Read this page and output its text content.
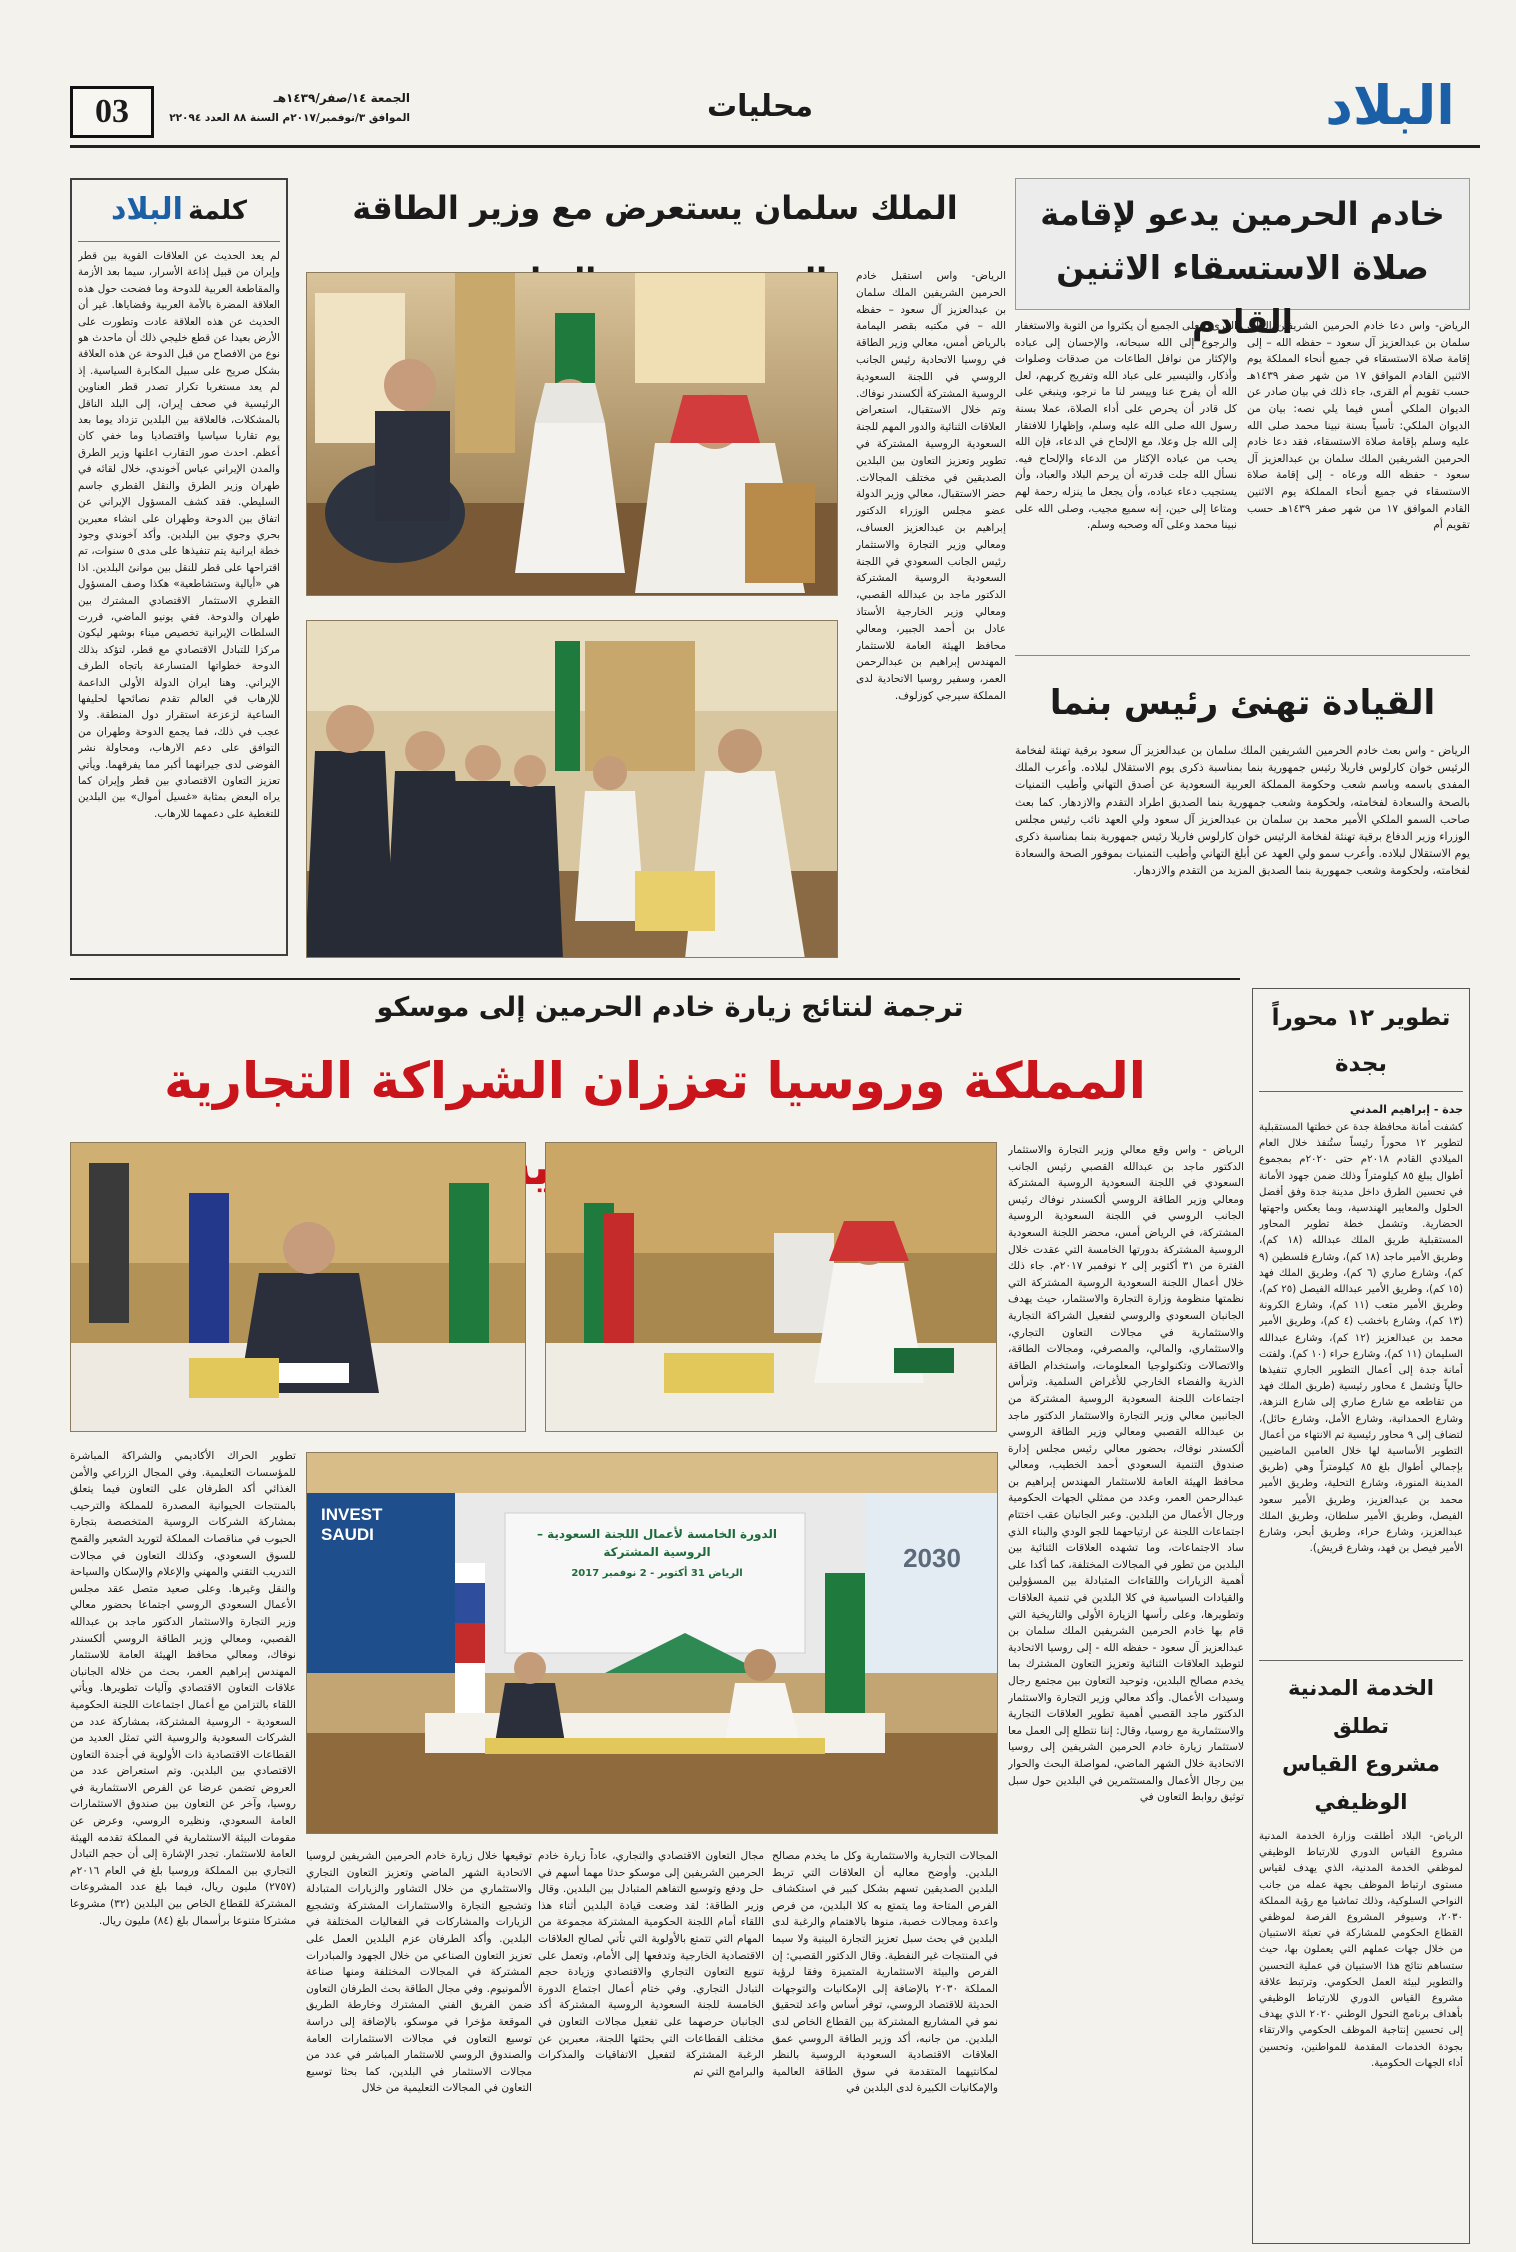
03	الجمعة ١٤/صفر/١٤٣٩هـ
الموافق ٣/نوفمبر/٢٠١٧م السنة ٨٨ العدد ٢٢٠٩٤	محليات	البلاد
خادم الحرمين يدعو لإقامة
صلاة الاستسقاء الاثنين القادم
الرياض- واس دعا خادم الحرمين الشريفين الملك سلمان بن عبدالعزيز آل سعود – حفظه الله – إلى إقامة صلاة الاستسقاء في جميع أنحاء المملكة يوم الاثنين القادم الموافق ١٧ من شهر صفر ١٤٣٩هـ حسب تقويم أم القرى، جاء ذلك في بيان صادر عن الديوان الملكي أمس فيما يلي نصه: بيان من الديوان الملكي: تأسياً بسنة نبينا محمد صلى الله عليه وسلم بإقامة صلاة الاستسقاء، فقد دعا خادم الحرمين الشريفين الملك سلمان بن عبدالعزيز آل سعود - حفظه الله ورعاه - إلى إقامة صلاة الاستسقاء في جميع أنحاء المملكة يوم الاثنين القادم الموافق ١٧ من شهر صفر ١٤٣٩هـ حسب تقويم أم
القرى، فعلى الجميع أن يكثروا من التوبة والاستغفار والرجوع إلى الله سبحانه، والإحسان إلى عباده والإكثار من نوافل الطاعات من صدقات وصلوات وأذكار، والتيسير على عباد الله وتفريج كربهم، لعل الله أن يفرج عنا وييسر لنا ما نرجو، وينبغي على كل قادر أن يحرص على أداء الصلاة، عملا بسنة رسول الله صلى الله عليه وسلم، وإظهارا للافتقار إلى الله جل وعلا، مع الإلحاح في الدعاء، فإن الله يحب من عباده الإكثار من الدعاء والإلحاح فيه. نسأل الله جلت قدرته أن يرحم البلاد والعباد، وأن يستجيب دعاء عباده، وأن يجعل ما ينزله رحمة لهم ومتاعا إلى حين، إنه سميع مجيب، وصلى الله على نبينا محمد وعلى آله وصحبه وسلم.
القيادة تهنئ رئيس بنما
الرياض - واس بعث خادم الحرمين الشريفين الملك سلمان بن عبدالعزيز آل سعود برقية تهنئة لفخامة الرئيس خوان كارلوس فاريلا رئيس جمهورية بنما بمناسبة ذكرى يوم الاستقلال لبلاده. وأعرب الملك المفدى باسمه وباسم شعب وحكومة المملكة العربية السعودية عن أصدق التهاني وأطيب التمنيات بالصحة والسعادة لفخامته، ولحكومة وشعب جمهورية بنما الصديق اطراد التقدم والازدهار. كما بعث صاحب السمو الملكي الأمير محمد بن سلمان بن عبدالعزيز آل سعود ولي العهد نائب رئيس مجلس الوزراء وزير الدفاع برقية تهنئة لفخامة الرئيس خوان كارلوس فاريلا رئيس جمهورية بنما بمناسبة ذكرى يوم الاستقلال لبلاده. وأعرب سمو ولي العهد عن أبلغ التهاني وأطيب التمنيات بموفور الصحة والسعادة لفخامته، ولحكومة وشعب جمهورية بنما الصديق المزيد من التقدم والازدهار.
الملك سلمان يستعرض مع وزير الطاقة
الرياض- واس استقبل خادم الحرمين الشريفين الملك سلمان بن عبدالعزيز آل سعود – حفظه الله – في مكتبه بقصر اليمامة بالرياض أمس، معالي وزير الطاقة في روسيا الاتحادية رئيس الجانب الروسي في اللجنة السعودية الروسية المشتركة ألكسندر نوفاك. وتم خلال الاستقبال، استعراض العلاقات الثنائية والدور المهم للجنة السعودية الروسية المشتركة في تطوير وتعزيز التعاون بين البلدين الصديقين في مختلف المجالات. حضر الاستقبال، معالي وزير الدولة عضو مجلس الوزراء الدكتور إبراهيم بن عبدالعزيز العساف، ومعالي وزير التجارة والاستثمار رئيس الجانب السعودي في اللجنة السعودية الروسية المشتركة الدكتور ماجد بن عبدالله القصبي، ومعالي وزير الخارجية الأستاذ عادل بن أحمد الجبير، ومعالي محافظ الهيئة العامة للاستثمار المهندس إبراهيم بن عبدالرحمن العمر، وسفير روسيا الاتحادية لدى المملكة سيرجي كوزلوف.
كلمة البلاد
لم يعد الحديث عن العلاقات القوية بين قطر وإيران من قبيل إذاعة الأسرار، سيما بعد الأزمة والمقاطعة العربية للدوحة وما فضحت حول هذه العلاقة المضرة بالأمة العربية وقضاياها. غير أن الحديث عن هذه العلاقة عادت وتطورت على الأرض بعيدا عن قطع خليجي ذلك أن ماحدث هو نوع من الافصاح من قبل الدوحة عن هذه العلاقة بشكل صريح على سبيل المكابرة السياسية. إذ لم يعد مستغربا تكرار تصدر قطر العناوين الرئيسية في صحف إيران، إلى البلد الناقل بالمشكلات، فالعلاقة بين البلدين تزداد يوما بعد يوم تقاربا سياسيا واقتصاديا وما خفي كان أعظم. احدث صور التقارب اعلنها وزير الطرق والمدن الإيراني عباس آخوندي، خلال لقائه في طهران وزير الطرق والنقل القطري جاسم السليطي. فقد كشف المسؤول الإيراني عن اتفاق بين الدوحة وطهران على انشاء معبرين بحري وجوي بين البلدين. وأكد آخوندي وجود خطة ايرانية يتم تنفيذها على مدى ٥ سنوات، تم اقتراحها على قطر للنقل بين موانئ البلدين. اذا هي «أيالية وستشاطعية» هكذا وصف المسؤول القطري الاستثمار الاقتصادي المشترك بين طهران والدوحة. ففي يونيو الماضي، قررت السلطات الإيرانية تخصيص ميناء بوشهر ليكون مركزا للتبادل الاقتصادي مع قطر، لتؤكد بذلك الدوحة خطواتها المتسارعة باتجاه الطرف الإيراني. وهنا ايران الدولة الأولى الداعمة للإرهاب في العالم تقدم نصائحها لحليفها الساعية لزعزعة استقرار دول المنطقة. ولا عجب في ذلك، فما يجمع الدوحة وطهران من التوافق على دعم الارهاب، ومحاولة نشر الفوضى لدى جيرانهما أكبر مما يفرقهما. ويأتي تعزيز التعاون الاقتصادي بين قطر وإيران كما يراه البعض بمثابة «غسيل أموال» بين البلدين للتغطية على دعمهما للارهاب.
ترجمة لنتائج زيارة خادم الحرمين إلى موسكو
المملكة وروسيا تعززان الشراكة التجارية
الرياض - واس وقع معالي وزير التجارة والاستثمار الدكتور ماجد بن عبدالله القصبي رئيس الجانب السعودي في اللجنة السعودية الروسية المشتركة ومعالي وزير الطاقة الروسي ألكسندر نوفاك رئيس الجانب الروسي في اللجنة السعودية الروسية المشتركة، في الرياض أمس، محضر اللجنة السعودية الروسية المشتركة بدورتها الخامسة التي عقدت خلال الفترة من ٣١ أكتوبر إلى ٢ نوفمبر ٢٠١٧م. جاء ذلك خلال أعمال اللجنة السعودية الروسية المشتركة التي نظمتها منظومة وزارة التجارة والاستثمار، حيث يهدف الجانبان السعودي والروسي لتفعيل الشراكة التجارية والاستثمارية في مجالات التعاون التجاري، والاستثماري، والمالي، والمصرفي، ومجالات الطاقة، والاتصالات وتكنولوجيا المعلومات، واستخدام الطاقة الذرية والفضاء الخارجي للأغراض السلمية. وترأس اجتماعات اللجنة السعودية الروسية المشتركة من الجانبين معالي وزير التجارة والاستثمار الدكتور ماجد بن عبدالله القصبي ومعالي وزير الطاقة الروسي ألكسندر نوفاك، بحضور معالي رئيس مجلس إدارة صندوق التنمية السعودي أحمد الخطيب، ومعالي محافظ الهيئة العامة للاستثمار المهندس إبراهيم بن عبدالرحمن العمر، وعدد من ممثلي الجهات الحكومية ورجال الأعمال من البلدين. وعبر الجانبان عقب اختتام اجتماعات اللجنة عن ارتياحهما للجو الودي والبناء الذي ساد الاجتماعات، وما تشهده العلاقات الثنائية بين البلدين من تطور في المجالات المختلفة، كما أكدا على أهمية الزيارات واللقاءات المتبادلة بين المسؤولين والقيادات السياسية في كلا البلدين في تنمية العلاقات وتطويرها، وعلى رأسها الزيارة الأولى والتاريخية التي قام بها خادم الحرمين الشريفين الملك سلمان بن عبدالعزيز آل سعود - حفظه الله - إلى روسيا الاتحادية لتوطيد العلاقات الثنائية وتعزيز التعاون المشترك بما يخدم مصالح البلدين، وتوحيد التعاون بين مجتمع رجال وسيدات الأعمال. وأكد معالي وزير التجارة والاستثمار الدكتور ماجد القصبي أهمية تطوير العلاقات التجارية والاستثمارية مع روسيا، وقال: إننا نتطلع إلى العمل معا لاستثمار زيارة خادم الحرمين الشريفين إلى روسيا الاتحادية خلال الشهر الماضي، لمواصلة البحث والحوار بين رجال الأعمال والمستثمرين في البلدين حول سبل توثيق روابط التعاون في
INVEST
SAUDI	الدورة الخامسة لأعمال اللجنة السعودية – الروسية المشتركة
الرياض 31 أكتوبر - 2 نوفمبر 2017
2030
المجالات التجارية والاستثمارية وكل ما يخدم مصالح البلدين. وأوضح معاليه أن العلاقات التي تربط البلدين الصديقين تسهم بشكل كبير في استكشاف الفرص المتاحة وما يتمتع به كلا البلدين، من فرص واعدة ومجالات خصبة، منوها بالاهتمام والرغبة لدى البلدين في بحث سبل تعزيز التجارة البينية ولا سيما في المنتجات غير النفطية. وقال الدكتور القصبي: إن الفرص والبيئة الاستثمارية المتميزة وفقا لرؤية المملكة ٢٠٣٠ بالإضافة إلى الإمكانيات والتوجهات الحديثة للاقتصاد الروسي، توفر أساس واعد لتحقيق نمو في المشاريع المشتركة بين القطاع الخاص لدى البلدين. من جانبه، أكد وزير الطاقة الروسي عمق العلاقات الاقتصادية السعودية الروسية بالنظر لمكانتيهما المتقدمة في سوق الطاقة العالمية والإمكانيات الكبيرة لدى البلدين في
مجال التعاون الاقتصادي والتجاري، عاداً زيارة خادم الحرمين الشريفين إلى موسكو حدثا مهما أسهم في حل ودفع وتوسيع التفاهم المتبادل بين البلدين. وقال وزير الطاقة: لقد وضعت قيادة البلدين أثناء هذا اللقاء أمام اللجنة الحكومية المشتركة مجموعة من المهام التي تتمتع بالأولوية التي تأتي لصالح العلاقات الاقتصادية الخارجية وتدفعها إلى الأمام، وتعمل على تنويع التعاون التجاري والاقتصادي وزيادة حجم التبادل التجاري. وفي ختام أعمال اجتماع الدورة الخامسة للجنة السعودية الروسية المشتركة أكد الجانبان حرصهما على تفعيل مجالات التعاون في مختلف القطاعات التي بحثتها اللجنة، معبرين عن الرغبة المشتركة لتفعيل الاتفاقيات والمذكرات والبرامج التي تم
توقيعها خلال زيارة خادم الحرمين الشريفين لروسيا الاتحادية الشهر الماضي وتعزيز التعاون التجاري والاستثماري من خلال التشاور والزيارات المتبادلة وتشجيع التجارة والاستثمارات المشتركة وتشجيع الزيارات والمشاركات في الفعاليات المختلفة في البلدين. وأكد الطرفان عزم البلدين العمل على تعزيز التعاون الصناعي من خلال الجهود والمبادرات المشتركة في المجالات المختلفة ومنها صناعة الألمونيوم. وفي مجال الطاقة بحث الطرفان التعاون ضمن الفريق الفني المشترك وخارطة الطريق الموقعة مؤخرا في موسكو، بالإضافة إلى دراسة توسيع التعاون في مجالات الاستثمارات العامة والصندوق الروسي للاستثمار المباشر في عدد من مجالات الاستثمار في البلدين، كما بحثا توسيع التعاون في المجالات التعليمية من خلال
تطوير الحراك الأكاديمي والشراكة المباشرة للمؤسسات التعليمية. وفي المجال الزراعي والأمن الغذائي أكد الطرفان على التعاون فيما يتعلق بالمنتجات الحيوانية المصدرة للمملكة والترحيب بمشاركة الشركات الروسية المتخصصة بتجارة الحبوب في مناقصات المملكة لتوريد الشعير والقمح للسوق السعودي، وكذلك التعاون في مجالات التدريب التقني والمهني والإعلام والإسكان والسياحة والنقل وغيرها. وعلى صعيد متصل عقد مجلس الأعمال السعودي الروسي اجتماعا بحضور معالي وزير التجارة والاستثمار الدكتور ماجد بن عبدالله القصبي، ومعالي وزير الطاقة الروسي ألكسندر نوفاك، ومعالي محافظ الهيئة العامة للاستثمار المهندس إبراهيم العمر، بحث من خلاله الجانبان علاقات التعاون الاقتصادي وآليات تطويرها. ويأتي اللقاء بالتزامن مع أعمال اجتماعات اللجنة الحكومية السعودية - الروسية المشتركة، بمشاركة عدد من الشركات السعودية والروسية التي تمثل العديد من القطاعات الاقتصادية ذات الأولوية في أجندة التعاون الاقتصادي بين البلدين. وتم استعراض عدد من العروض تضمن عرضا عن الفرص الاستثمارية في روسيا، وآخر عن التعاون بين صندوق الاستثمارات العامة السعودي، ونظيره الروسي، وعرض عن مقومات البيئة الاستثمارية في المملكة تقدمه الهيئة العامة للاستثمار. تجدر الإشارة إلى أن حجم التبادل التجاري بين المملكة وروسيا بلغ في العام ٢٠١٦م (٢٧٥٧) مليون ريال، فيما بلغ عدد المشروعات المشتركة للقطاع الخاص بين البلدين (٣٢) مشروعا مشتركا متنوعا برأسمال بلغ (٨٤) مليون ريال.
تطوير ١٢ محوراً بجدة
جدة - إبراهيم المدني
كشفت أمانة محافظة جدة عن خطتها المستقبلية لتطوير ١٢ محوراً رئيساً ستُنفذ خلال العام الميلادي القادم ٢٠١٨م حتى ٢٠٢٠م بمجموع أطوال يبلغ ٨٥ كيلومتراً وذلك ضمن جهود الأمانة في تحسين الطرق داخل مدينة جدة وفق أفضل الحلول والمعايير الهندسية، وبما يعكس واجهتها الحضارية. وتشمل خطة تطوير المحاور المستقبلية طريق الملك عبدالله (١٨ كم)، وطريق الأمير ماجد (١٨ كم)، وشارع فلسطين (٩ كم)، وشارع صاري (٦ كم)، وطريق الملك فهد (١٥ كم)، وطريق الأمير عبدالله الفيصل (٢٥ كم)، وطريق الأمير متعب (١١ كم)، وشارع الكرونة (١٣ كم)، وشارع باخشب (٤ كم)، وطريق الأمير محمد بن عبدالعزيز (١٢ كم)، وشارع عبدالله السليمان (١١ كم)، وشارع حراء (١٠ كم). ولفتت أمانة جدة إلى أعمال التطوير الجاري تنفيذها حالياً وتشمل ٤ محاور رئيسية (طريق الملك فهد من تقاطعه مع شارع صاري إلى شارع النزهة، وشارع الحمدانية، وشارع الأمل، وشارع حائل)، لتضاف إلى ٩ محاور رئيسية تم الانتهاء من أعمال التطوير الأساسية لها خلال العامين الماضيين بإجمالي أطوال بلغ ٨٥ كيلومتراً وهي (طريق المدينة المنورة، وشارع التحلية، وطريق الأمير محمد بن عبدالعزيز، وطريق الأمير سعود الفيصل، وطريق الأمير سلطان، وطريق الملك عبدالعزيز، وشارع حراء، وطريق أبحر، وشارع الأمير فيصل بن فهد، وشارع قريش).
الخدمة المدنية تطلق
مشروع القياس الوظيفي
الرياض- البلاد أطلقت وزارة الخدمة المدنية مشروع القياس الدوري للارتباط الوظيفي لموظفي الخدمة المدنية، الذي يهدف لقياس مستوى ارتباط الموظف بجهة عمله من جانب النواحي السلوكية، وذلك تماشيا مع رؤية المملكة ٢٠٣٠، وسيوفر المشروع الفرصة لموظفي القطاع الحكومي للمشاركة في تعبئة الاستبيان من خلال جهات عملهم التي يعملون بها، حيث ستساهم نتائج هذا الاستبيان في عملية التحسين والتطوير لبيئة العمل الحكومي. وترتبط علاقة مشروع القياس الدوري للارتباط الوظيفي بأهداف برنامج التحول الوطني ٢٠٢٠ الذي يهدف إلى تحسين إنتاجية الموظف الحكومي والارتقاء بجودة الخدمات المقدمة للمواطنين، وتحسين أداء الجهات الحكومية.
